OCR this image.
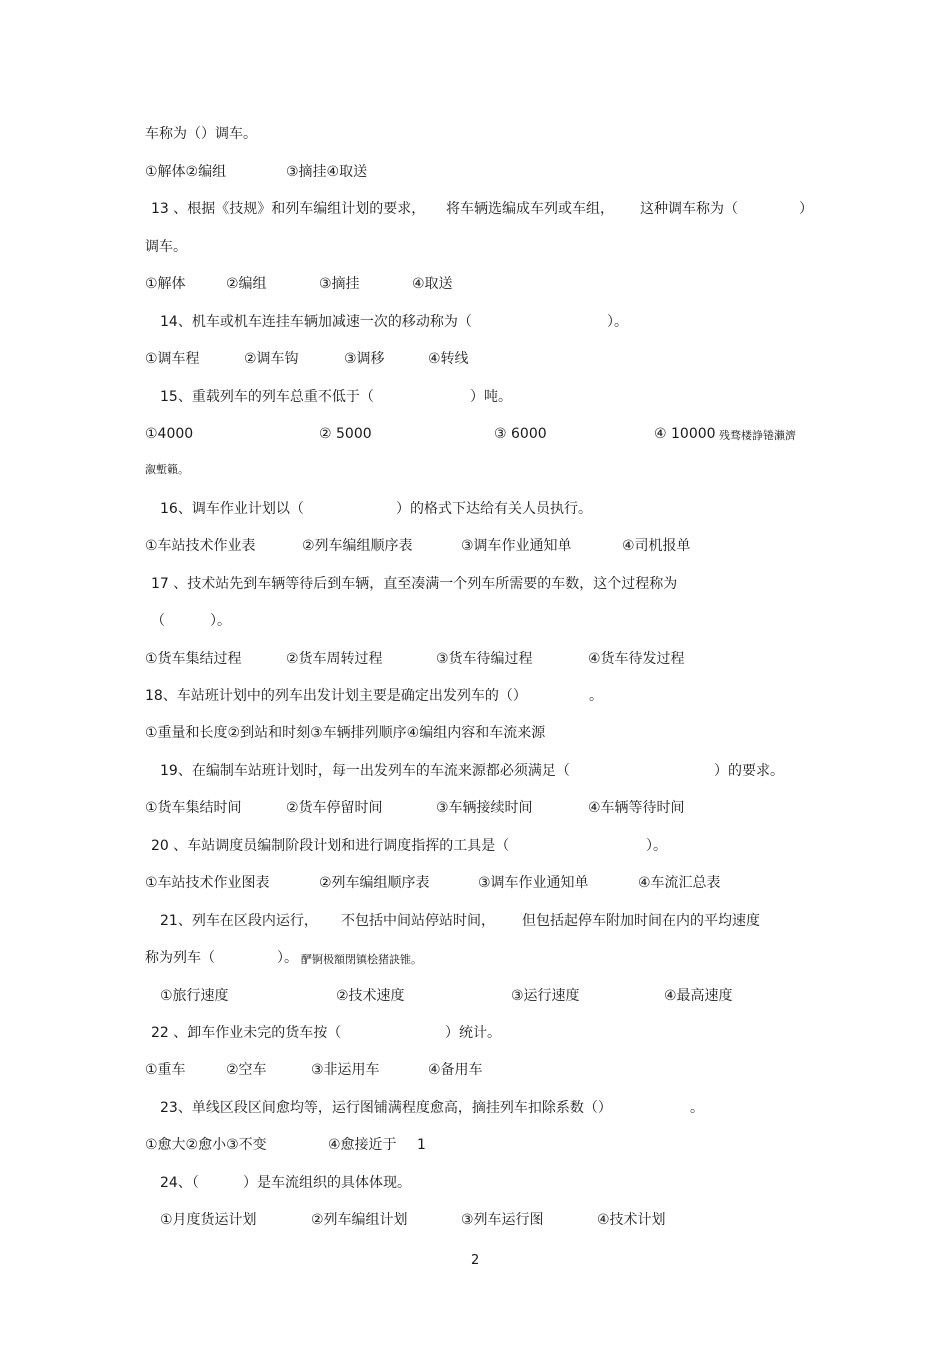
车称为（）调车。

①解体②编组

	③摘挂④取送

13 、根据《技规》和列车编组计划的要求，

将车辆选编成车列或车组，

这种调车称为（

	）

调车。

①解体

	②编组

	③摘挂

	④取送

14、机车或机车连挂车辆加减速一次的移动称为（

	）。

①调车程

	②调车钩

	③调移

	④转线

15、重载列车的列车总重不低于（

	）吨。

①4000

	② 5000

	③ 6000

	④ 10000

残骛楼諍锩瀨濟

溆塹籟。

16、调车作业计划以（

	）的格式下达给有关人员执行。

①车站技术作业表

	②列车编组顺序表

	③调车作业通知单

	④司机报单

17 、技术站先到车辆等待后到车辆，直至凑满一个列车所需要的车数，这个过程称为

（

	）。

①货车集结过程

	②货车周转过程

	③货车待编过程

	④货车待发过程

18、车站班计划中的列车出发计划主要是确定出发列车的（）

	。

①重量和长度②到站和时刻③车辆排列顺序④编组内容和车流来源

19、在编制车站班计划时，每一出发列车的车流来源都必须满足（

	）的要求。

①货车集结时间

	②货车停留时间

	③车辆接续时间

	④车辆等待时间

20 、车站调度员编制阶段计划和进行调度指挥的工具是（

	）。

①车站技术作业图表

	②列车编组顺序表

	③调车作业通知单

	④车流汇总表

21、列车在区段内运行，

不包括中间站停站时间，

但包括起停车附加时间在内的平均速度

称为列车（

	）。

酽锕极額閉镇桧猪訣锥。

①旅行速度

	②技术速度

	③运行速度

	④最高速度

22 、卸车作业未完的货车按（

	）统计。

①重车

	②空车

	③非运用车

	④备用车

23、单线区段区间愈均等，运行图铺满程度愈高，摘挂列车扣除系数（）

	。

①愈大②愈小③不变

	④愈接近于

1

24、（

	）是车流组织的具体体现。

①月度货运计划

	②列车编组计划

	③列车运行图

	④技术计划

2
